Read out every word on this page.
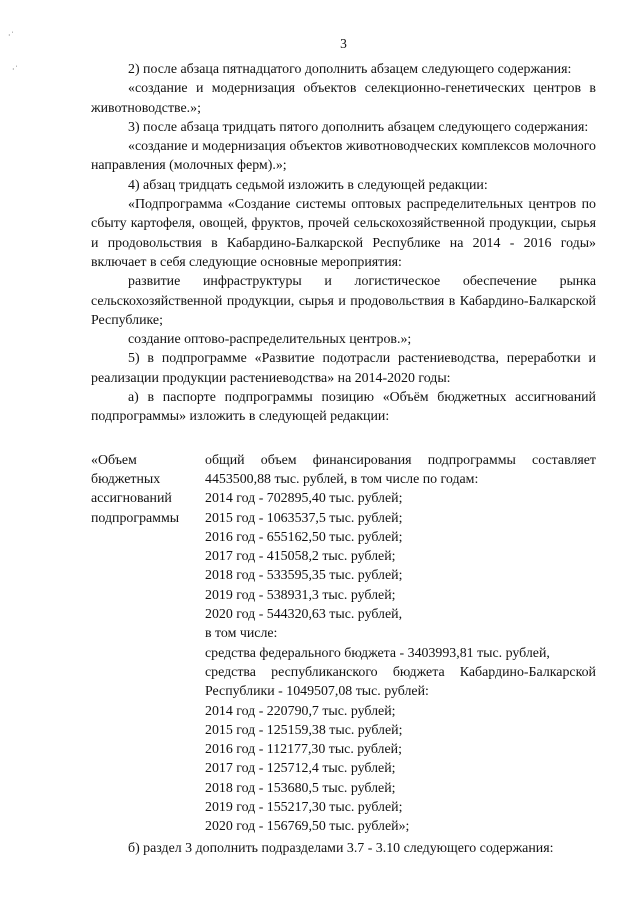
3

2) после абзаца пятнадцатого дополнить абзацем следующего содержания:

«создание и модернизация объектов селекционно-генетических центров в животноводстве.»;

3) после абзаца тридцать пятого дополнить абзацем следующего содержания:

«создание и модернизация объектов животноводческих комплексов молочного направления (молочных ферм).»;

4) абзац тридцать седьмой изложить в следующей редакции:

«Подпрограмма «Создание системы оптовых распределительных центров по сбыту картофеля, овощей, фруктов, прочей сельскохозяйственной продукции, сырья и продовольствия в Кабардино-Балкарской Республике на 2014 - 2016 годы» включает в себя следующие основные мероприятия:

развитие инфраструктуры и логистическое обеспечение рынка сельскохозяйственной продукции, сырья и продовольствия в Кабардино-Балкарской Республике;

создание оптово-распределительных центров.»;

5) в подпрограмме «Развитие подотрасли растениеводства, переработки и реализации продукции растениеводства» на 2014-2020 годы:

а) в паспорте подпрограммы позицию «Объём бюджетных ассигнований подпрограммы» изложить в следующей редакции:

«Объем
бюджетных
ассигнований
подпрограммы

общий объем финансирования подпрограммы составляет 4453500,88 тыс. рублей, в том числе по годам:

2014 год - 702895,40 тыс. рублей;
2015 год - 1063537,5 тыс. рублей;
2016 год - 655162,50 тыс. рублей;
2017 год - 415058,2 тыс. рублей;
2018 год - 533595,35 тыс. рублей;
2019 год - 538931,3 тыс. рублей;
2020 год - 544320,63 тыс. рублей,
в том числе:
средства федерального бюджета - 3403993,81 тыс. рублей,

средства республиканского бюджета Кабардино-Балкарской Республики - 1049507,08 тыс. рублей:

2014 год - 220790,7 тыс. рублей;
2015 год - 125159,38 тыс. рублей;
2016 год - 112177,30 тыс. рублей;
2017 год - 125712,4 тыс. рублей;
2018 год - 153680,5 тыс. рублей;
2019 год - 155217,30 тыс. рублей;
2020 год - 156769,50 тыс. рублей»;

б) раздел 3 дополнить подразделами 3.7 - 3.10 следующего содержания:

·˙
·˙
